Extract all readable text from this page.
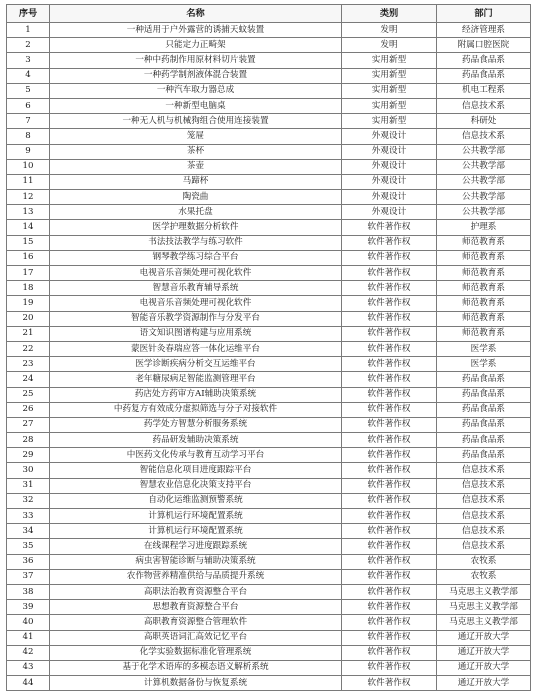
序号	名称	类别	部门
1	一种适用于户外露营的诱捕天蚊装置	发明	经济管理系
2	只能定力正畸架	发明	附属口腔医院
3	一种中药制作用原材料切片装置	实用新型	药品食品系
4	一种药学制剂液体混合装置	实用新型	药品食品系
5	一种汽车取力器总成	实用新型	机电工程系
6	一种新型电脑桌	实用新型	信息技术系
7	一种无人机与机械狗组合使用连接装置	实用新型	科研处
8	笼屉	外观设计	信息技术系
9	茶杯	外观设计	公共教学部
10	茶壶	外观设计	公共教学部
11	马蹄杯	外观设计	公共教学部
12	陶瓷曲	外观设计	公共教学部
13	水果托盘	外观设计	公共教学部
14	医学护理数据分析软件	软件著作权	护理系
15	书法技法教学与练习软件	软件著作权	师范教育系
16	钢琴教学练习综合平台	软件著作权	师范教育系
17	电视音乐音频处理可视化软件	软件著作权	师范教育系
18	智慧音乐教育辅导系统	软件著作权	师范教育系
19	电视音乐音频处理可视化软件	软件著作权	师范教育系
20	智能音乐教学资源制作与分发平台	软件著作权	师范教育系
21	语文知识图谱构建与应用系统	软件著作权	师范教育系
22	蒙医针灸春瑞应答一体化运维平台	软件著作权	医学系
23	医学诊断疾病分析交互运维平台	软件著作权	医学系
24	老年糖尿病足智能监测管理平台	软件著作权	药品食品系
25	药店处方药审方AI辅助决策系统	软件著作权	药品食品系
26	中药复方有效成分虚拟筛选与分子对接软件	软件著作权	药品食品系
27	药学处方智慧分析服务系统	软件著作权	药品食品系
28	药品研发辅助决策系统	软件著作权	药品食品系
29	中医药文化传承与教育互动学习平台	软件著作权	药品食品系
30	智能信息化项目进度跟踪平台	软件著作权	信息技术系
31	智慧农业信息化决策支持平台	软件著作权	信息技术系
32	自动化运维监测预警系统	软件著作权	信息技术系
33	计算机运行环境配置系统	软件著作权	信息技术系
34	计算机运行环境配置系统	软件著作权	信息技术系
35	在线课程学习进度跟踪系统	软件著作权	信息技术系
36	病虫害智能诊断与辅助决策系统	软件著作权	农牧系
37	农作物营养精准供给与品质提升系统	软件著作权	农牧系
38	高职法治教育资源整合平台	软件著作权	马克思主义教学部
39	思想教育资源整合平台	软件著作权	马克思主义教学部
40	高职教育资源整合管理软件	软件著作权	马克思主义教学部
41	高职英语词汇高效记忆平台	软件著作权	通辽开放大学
42	化学实验数据标准化管理系统	软件著作权	通辽开放大学
43	基于化学术语库的多模态语义解析系统	软件著作权	通辽开放大学
44	计算机数据备份与恢复系统	软件著作权	通辽开放大学
